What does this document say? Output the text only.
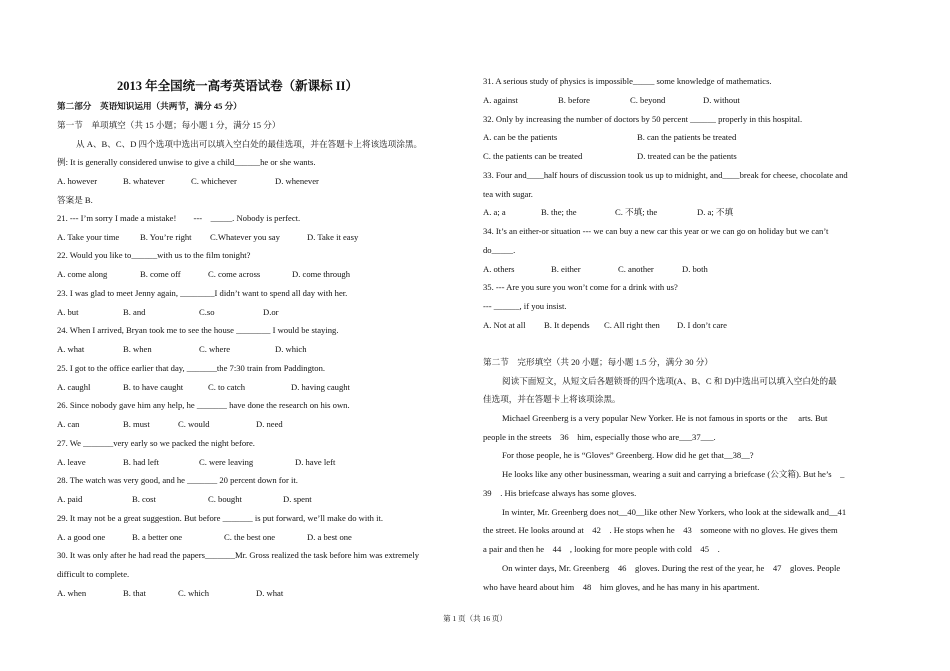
2013 年全国统一高考英语试卷（新课标 II）
第二部分　英语知识运用（共两节，满分 45 分）
第一节　单项填空（共 15 小题；每小题 1 分，满分 15 分）
从 A、B、C、D 四个选项中选出可以填入空白处的最佳选项，并在答题卡上将该选项涂黑。
例: It is generally considered unwise to give a child______he or she wants.
A. however	B. whatever	C. whichever	D. whenever
答案是 B.
21. --- I’m sorry I made a mistake!　　---　_____. Nobody is perfect.
A. Take your time B. You’re right C.Whatever you say	D. Take it easy
22. Would you like to______with us to the film tonight?
A. come along	B. come off	C. come across	D. come through
23. I was glad to meet Jenny again, ________I didn’t want to spend all day with her.
A. but	B. and	C.so	D.or
24. When I arrived, Bryan took me to see the house ________ I would be staying.
A. what	B. when	C. where	D. which
25. I got to the office earlier that day, _______the 7:30 train from Paddington.
A. caughl	B. to have caught	C. to catch	D. having caught
26. Since nobody gave him any help, he _______ have done the research on his own.
A. can	B. must	C. would	D. need
27. We _______very early so we packed the night before.
A. leave	B. had left	C. were leaving	D. have left
28. The watch was very good, and he _______ 20 percent down for it.
A. paid	B. cost	C. bought	D. spent
29. It may not be a great suggestion. But before _______ is put forward, we’ll make do with it.
A. a good one	B. a better one	C. the best one	D. a best one
30. It was only after he had read the papers_______Mr. Gross realized the task before him was extremely
difficult to complete.
A. when	B. that	C. which	D. what
31. A serious study of physics is impossible_____ some knowledge of mathematics.
A. against	B. before	C. beyond	D. without
32. Only by increasing the number of doctors by 50 percent ______ properly in this hospital.
A. can be the patients	B. can the patients be treated
C. the patients can be treated	D. treated can be the patients
33. Four and____half hours of discussion took us up to midnight, and____break for cheese, chocolate and
tea with sugar.
A. a; a	B. the; the	C. 不填; the	D. a; 不填
34. It’s an either-or situation --- we can buy a new car this year or we can go on holiday but we can’t
do_____.
A. others	B. either	C. another	D. both
35. --- Are you sure you won’t come for a drink with us?
--- ______, if you insist.
A. Not at all B. It depends C. All right then D. I don’t care
第二节　完形填空（共 20 小题；每小题 1.5 分，满分 30 分）
阅读下面短文，从短文后各题锁哥的四个选项(A、B、C 和 D)中选出可以填入空白处的最
佳选项，并在答题卡上将该项涂黑。
Michael Greenberg is a very popular New Yorker. He is not famous in sports or the　 arts. But
people in the streets　36　him, especially those who are___37___.
For those people, he is “Gloves” Greenberg. How did he get that__38__?
He looks like any other businessman, wearing a suit and carrying a briefcase (公文箱). But he’s　_
39　. His briefcase always has some gloves.
In winter, Mr. Greenberg does not__40__like other New Yorkers, who look at the sidewalk and__41
the street. He looks around at　42　. He stops when he　43　someone with no gloves. He gives them
a pair and then he　44　, looking for more people with cold　45　.
On winter days, Mr. Greenberg　46　gloves. During the rest of the year, he　47　gloves. People
who have heard about him　48　him gloves, and he has many in his apartment.
第 1 页（共 16 页）
